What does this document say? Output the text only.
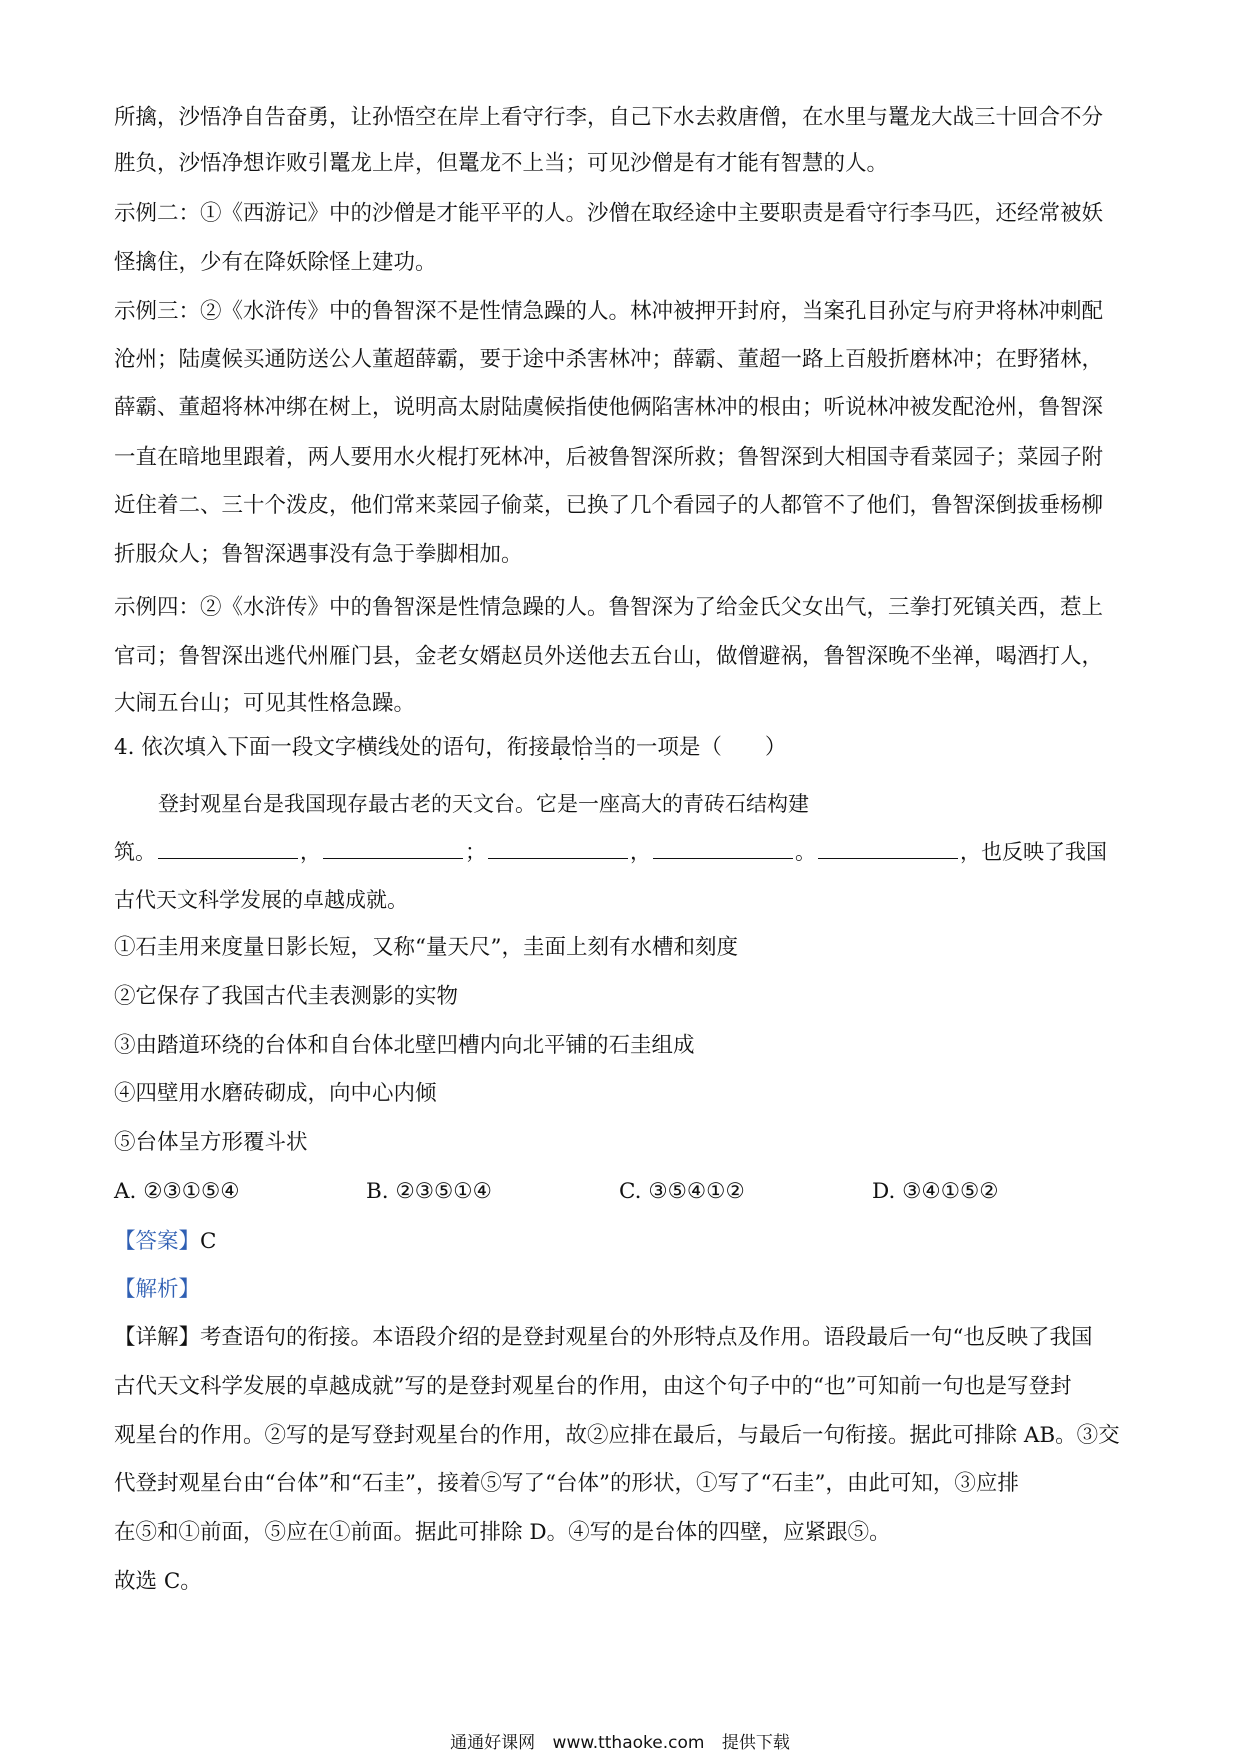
所擒，沙悟净自告奋勇，让孙悟空在岸上看守行李，自己下水去救唐僧，在水里与鼍龙大战三十回合不分
胜负，沙悟净想诈败引鼍龙上岸，但鼍龙不上当；可见沙僧是有才能有智慧的人。
示例二：①《西游记》中的沙僧是才能平平的人。沙僧在取经途中主要职责是看守行李马匹，还经常被妖
怪擒住，少有在降妖除怪上建功。
示例三：②《水浒传》中的鲁智深不是性情急躁的人。林冲被押开封府，当案孔目孙定与府尹将林冲刺配
沧州；陆虞候买通防送公人董超薛霸，要于途中杀害林冲；薛霸、董超一路上百般折磨林冲；在野猪林，
薛霸、董超将林冲绑在树上，说明高太尉陆虞候指使他俩陷害林冲的根由；听说林冲被发配沧州，鲁智深
一直在暗地里跟着，两人要用水火棍打死林冲，后被鲁智深所救；鲁智深到大相国寺看菜园子；菜园子附
近住着二、三十个泼皮，他们常来菜园子偷菜，已换了几个看园子的人都管不了他们，鲁智深倒拔垂杨柳
折服众人；鲁智深遇事没有急于拳脚相加。
示例四：②《水浒传》中的鲁智深是性情急躁的人。鲁智深为了给金氏父女出气，三拳打死镇关西，惹上
官司；鲁智深出逃代州雁门县，金老女婿赵员外送他去五台山，做僧避祸，鲁智深晚不坐禅，喝酒打人，
大闹五台山；可见其性格急躁。
4. 依次填入下面一段文字横线处的语句，衔接最恰当的一项是（　　）
登封观星台是我国现存最古老的天文台。它是一座高大的青砖石结构建
筑。	，	；	，	。	，也反映了我国
古代天文科学发展的卓越成就。
①石圭用来度量日影长短，又称“量天尺”，圭面上刻有水槽和刻度
②它保存了我国古代圭表测影的实物
③由踏道环绕的台体和自台体北壁凹槽内向北平铺的石圭组成
④四壁用水磨砖砌成，向中心内倾
⑤台体呈方形覆斗状
A. ②③①⑤④	B. ②③⑤①④	C. ③⑤④①②	D. ③④①⑤②
【答案】C
【解析】
【详解】考查语句的衔接。本语段介绍的是登封观星台的外形特点及作用。语段最后一句“也反映了我国
古代天文科学发展的卓越成就”写的是登封观星台的作用，由这个句子中的“也”可知前一句也是写登封
观星台的作用。②写的是写登封观星台的作用，故②应排在最后，与最后一句衔接。据此可排除 AB。③交
代登封观星台由“台体”和“石圭”，接着⑤写了“台体”的形状，①写了“石圭”，由此可知，③应排
在⑤和①前面，⑤应在①前面。据此可排除 D。④写的是台体的四壁，应紧跟⑤。
故选 C。
通通好课网 www.tthaoke.com 提供下载
